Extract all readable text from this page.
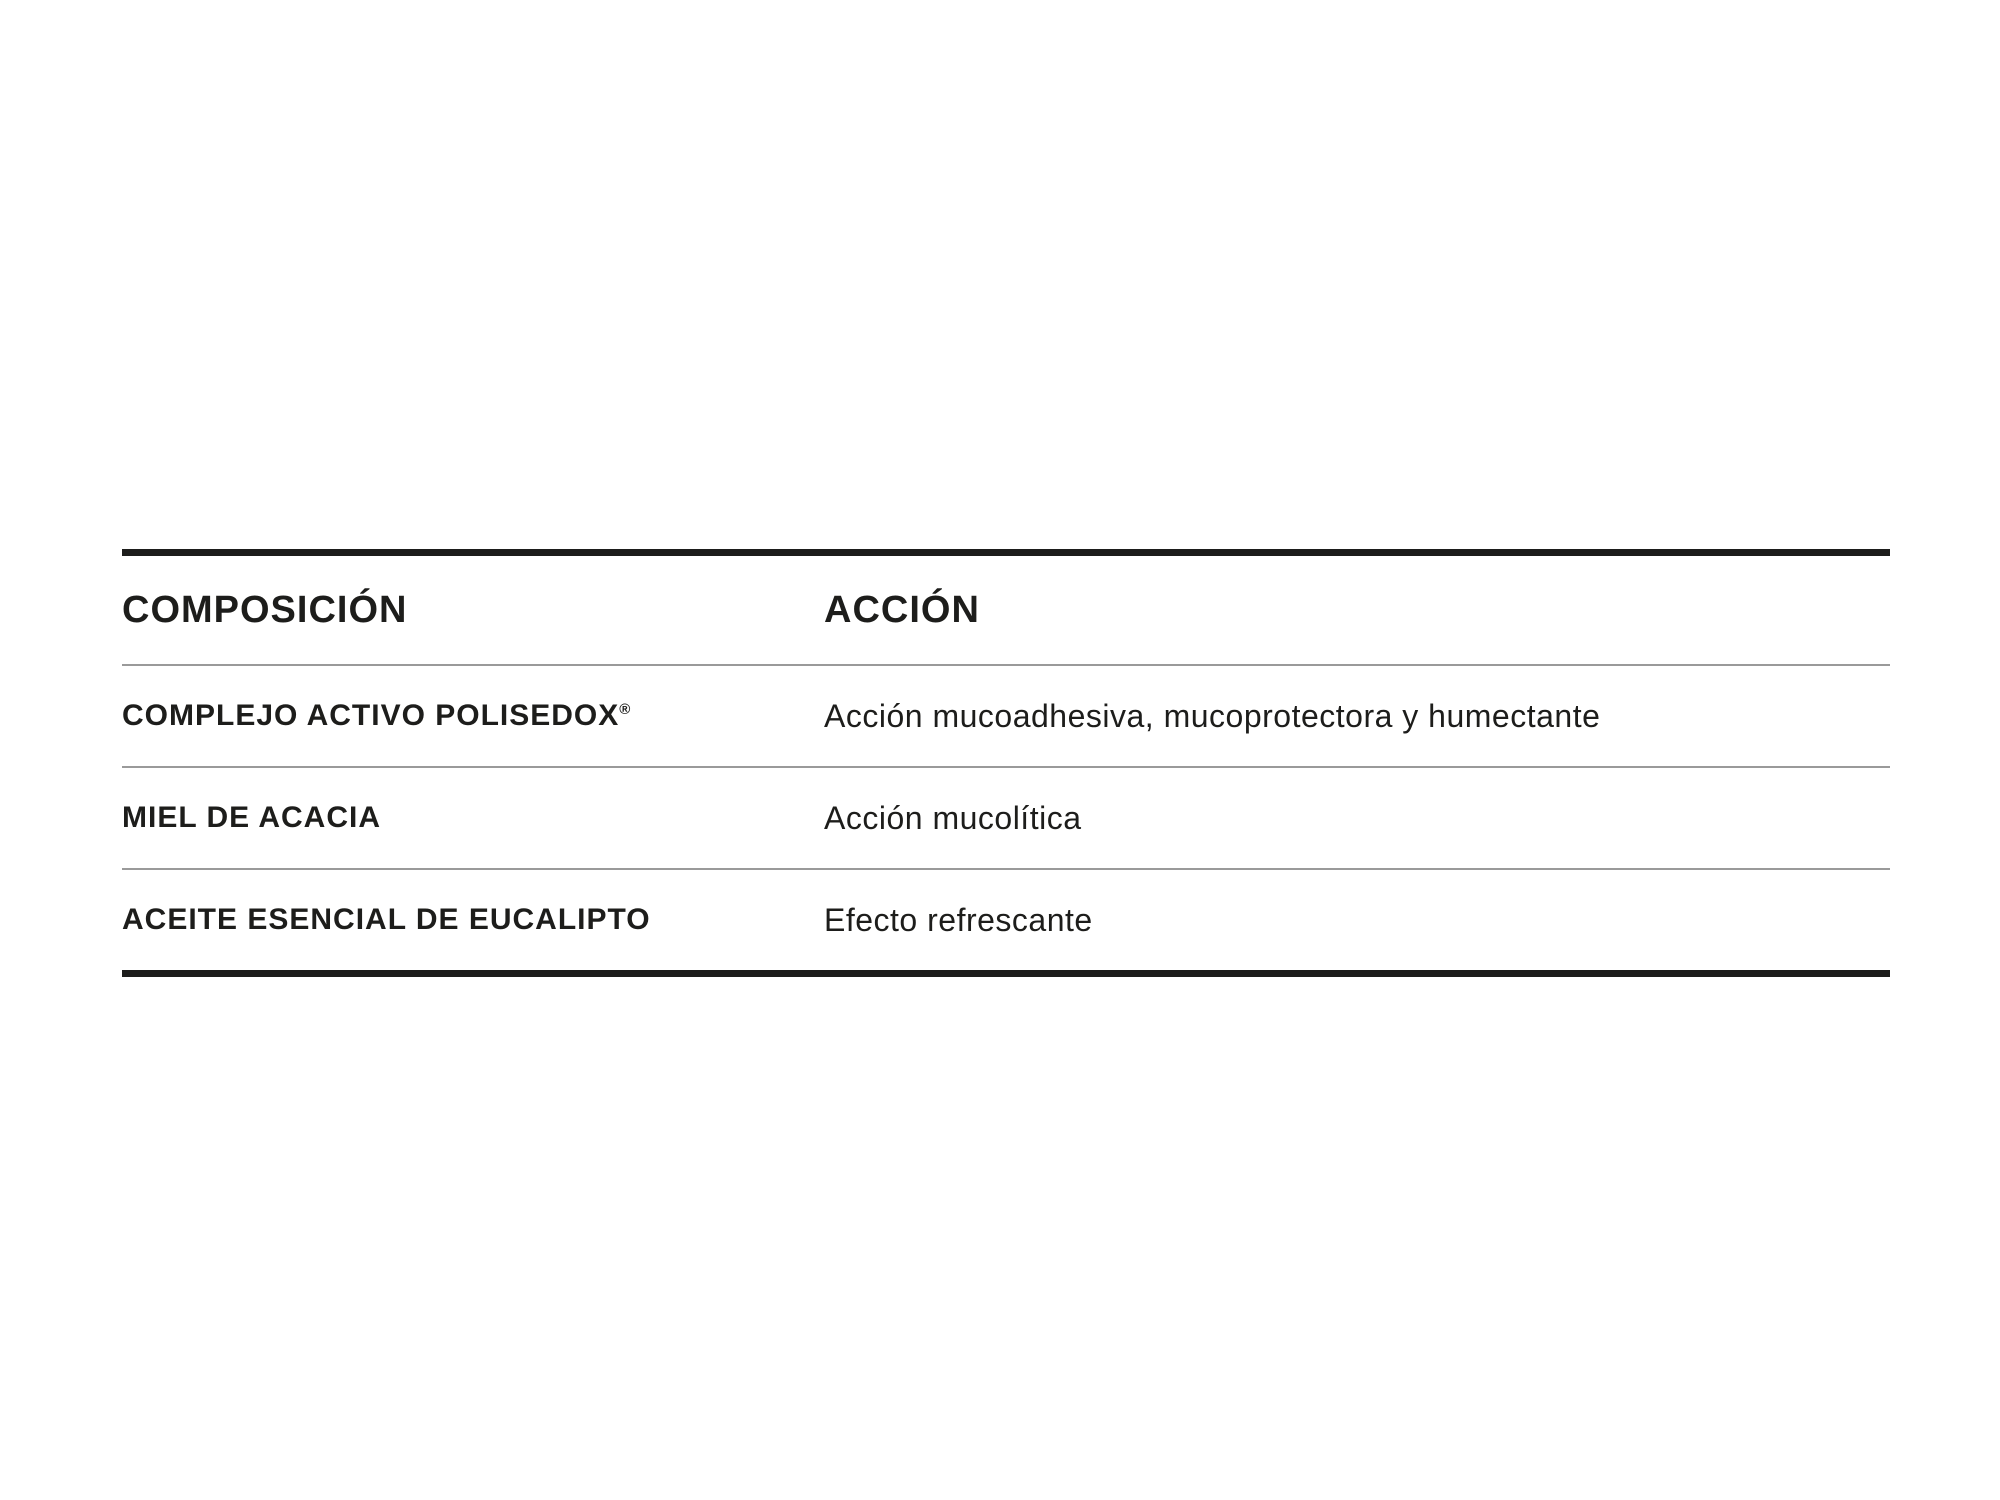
COMPOSICIÓN	ACCIÓN
COMPLEJO ACTIVO POLISEDOX®	Acción mucoadhesiva, mucoprotectora y humectante
MIEL DE ACACIA	Acción mucolítica
ACEITE ESENCIAL DE EUCALIPTO	Efecto refrescante
